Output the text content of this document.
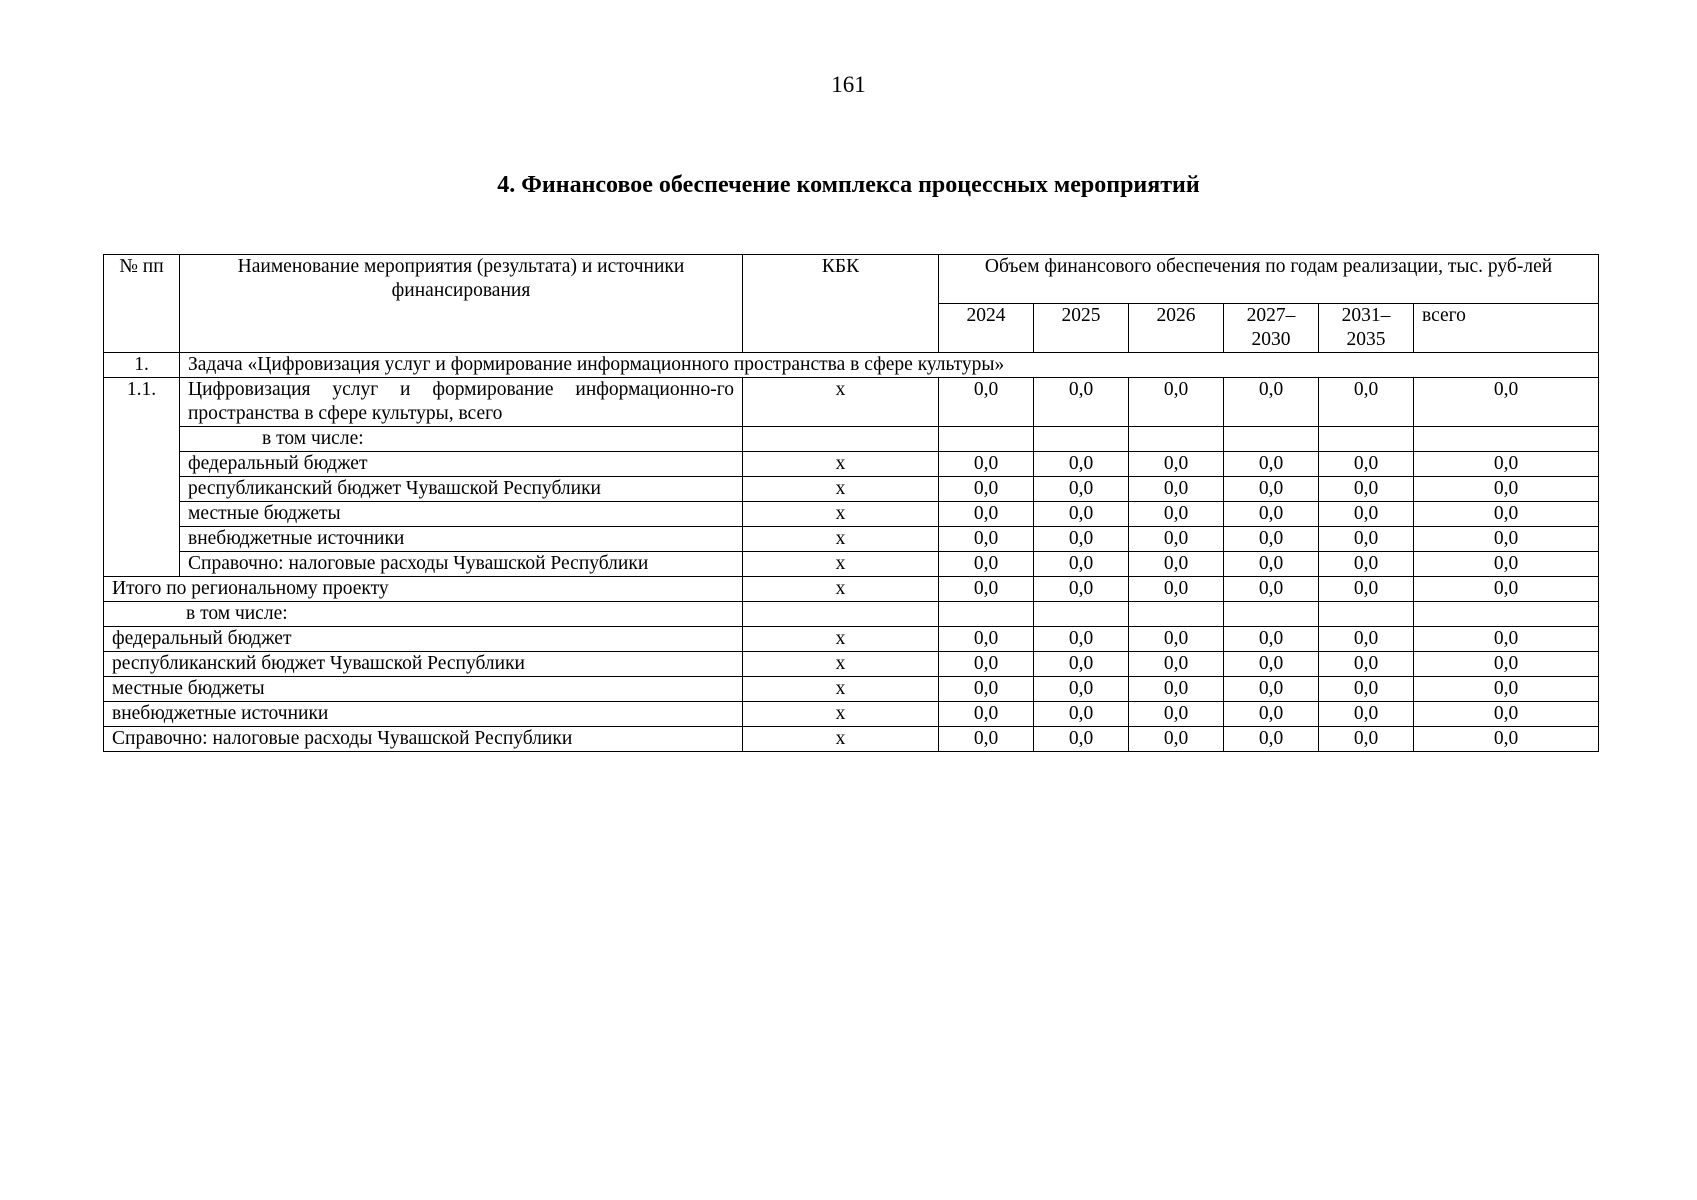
161
4. Финансовое обеспечение комплекса процессных мероприятий
№ пп	Наименование мероприятия (результата) и источники финансирования	КБК	Объем финансового обеспечения по годам реализации, тыс. руб-лей					
			2024	2025	2026	2027–2030	2031–2035	всего
1.	Задача «Цифровизация услуг и формирование информационного пространства в сфере культуры»							
1.1.	Цифровизация услуг и формирование информационно-го пространства в сфере культуры, всего	х	0,0	0,0	0,0	0,0	0,0	0,0
	в том числе:							
	федеральный бюджет	х	0,0	0,0	0,0	0,0	0,0	0,0
	республиканский бюджет Чувашской Республики	х	0,0	0,0	0,0	0,0	0,0	0,0
	местные бюджеты	х	0,0	0,0	0,0	0,0	0,0	0,0
	внебюджетные источники	х	0,0	0,0	0,0	0,0	0,0	0,0
	Справочно: налоговые расходы Чувашской Республики	х	0,0	0,0	0,0	0,0	0,0	0,0
Итого по региональному проекту		х	0,0	0,0	0,0	0,0	0,0	0,0
в том числе:								
федеральный бюджет		х	0,0	0,0	0,0	0,0	0,0	0,0
республиканский бюджет Чувашской Республики		х	0,0	0,0	0,0	0,0	0,0	0,0
местные бюджеты		х	0,0	0,0	0,0	0,0	0,0	0,0
внебюджетные источники		х	0,0	0,0	0,0	0,0	0,0	0,0
Справочно: налоговые расходы Чувашской Республики		х	0,0	0,0	0,0	0,0	0,0	0,0
